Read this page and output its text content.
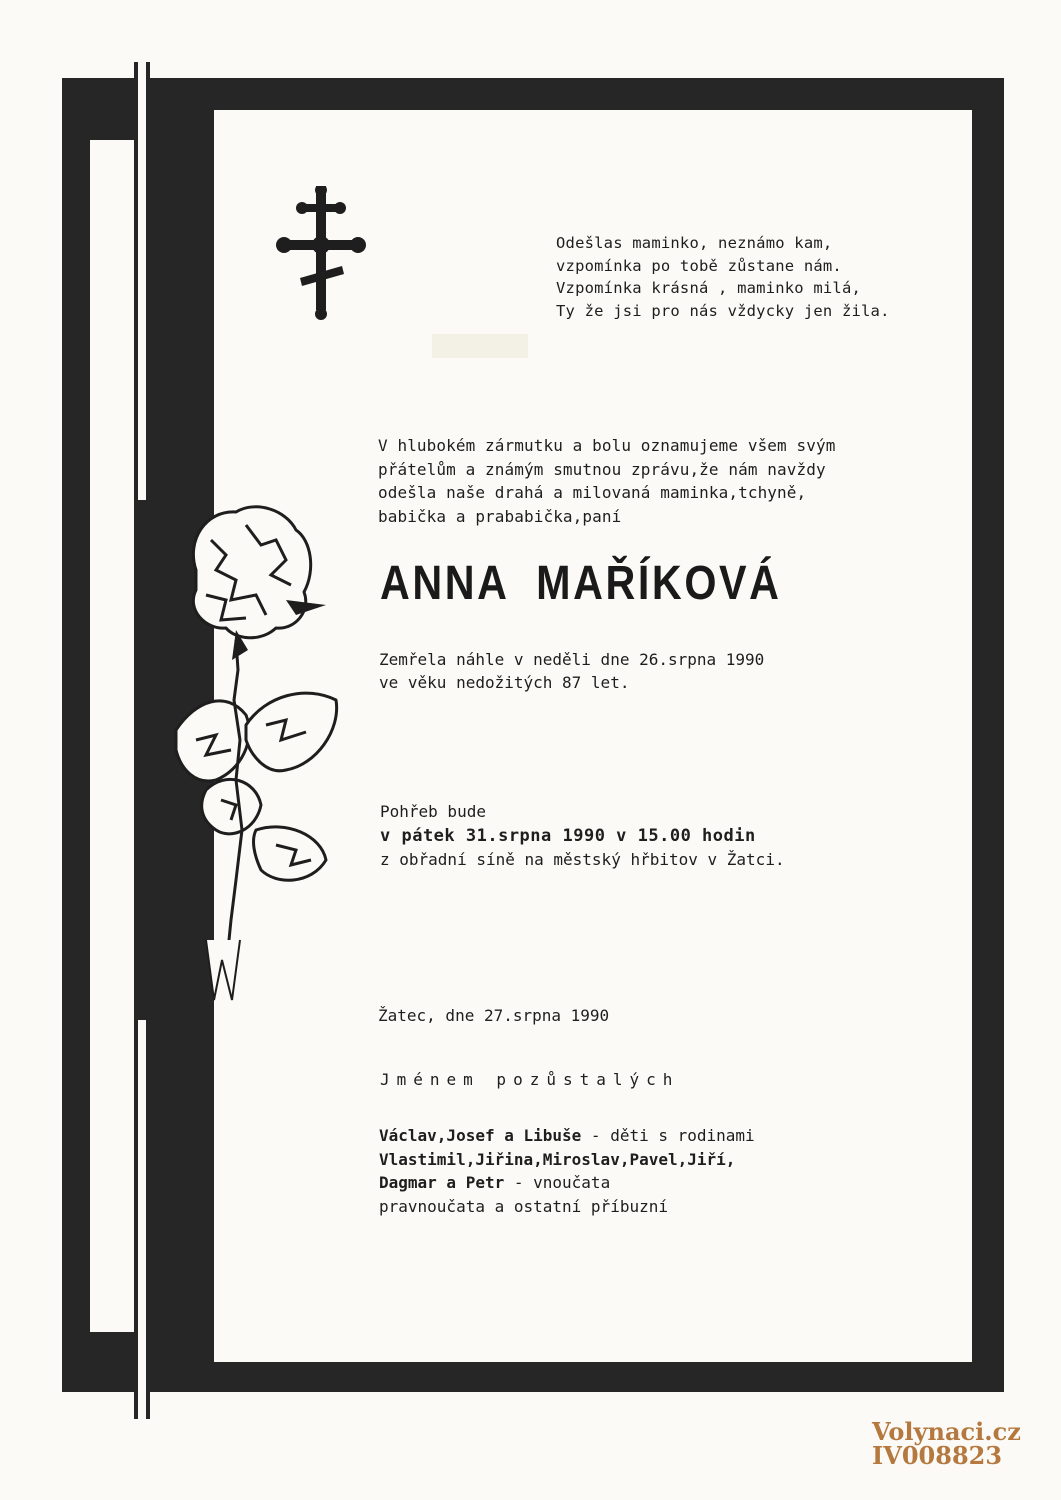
Odešlas maminko, neznámo kam,
vzpomínka po tobě zůstane nám.
Vzpomínka krásná , maminko milá,
Ty že jsi pro nás vždycky jen žila.
V hlubokém zármutku a bolu oznamujeme všem svým
přátelům a známým smutnou zprávu,že nám navždy
odešla naše drahá a milovaná maminka,tchyně,
babička a prababička,paní
ANNA  MAŘÍKOVÁ
Zemřela náhle v neděli dne 26.srpna 1990
ve věku nedožitých 87 let.
Pohřeb bude
v pátek 31.srpna 1990 v 15.00 hodin
z obřadní síně na městský hřbitov v Žatci.
Žatec, dne 27.srpna 1990
Jménem pozůstalých
Václav,Josef a Libuše - děti s rodinami
Vlastimil,Jiřina,Miroslav,Pavel,Jiří,
Dagmar a Petr - vnoučata
pravnoučata a ostatní příbuzní
Volynaci.cz
IV008823
